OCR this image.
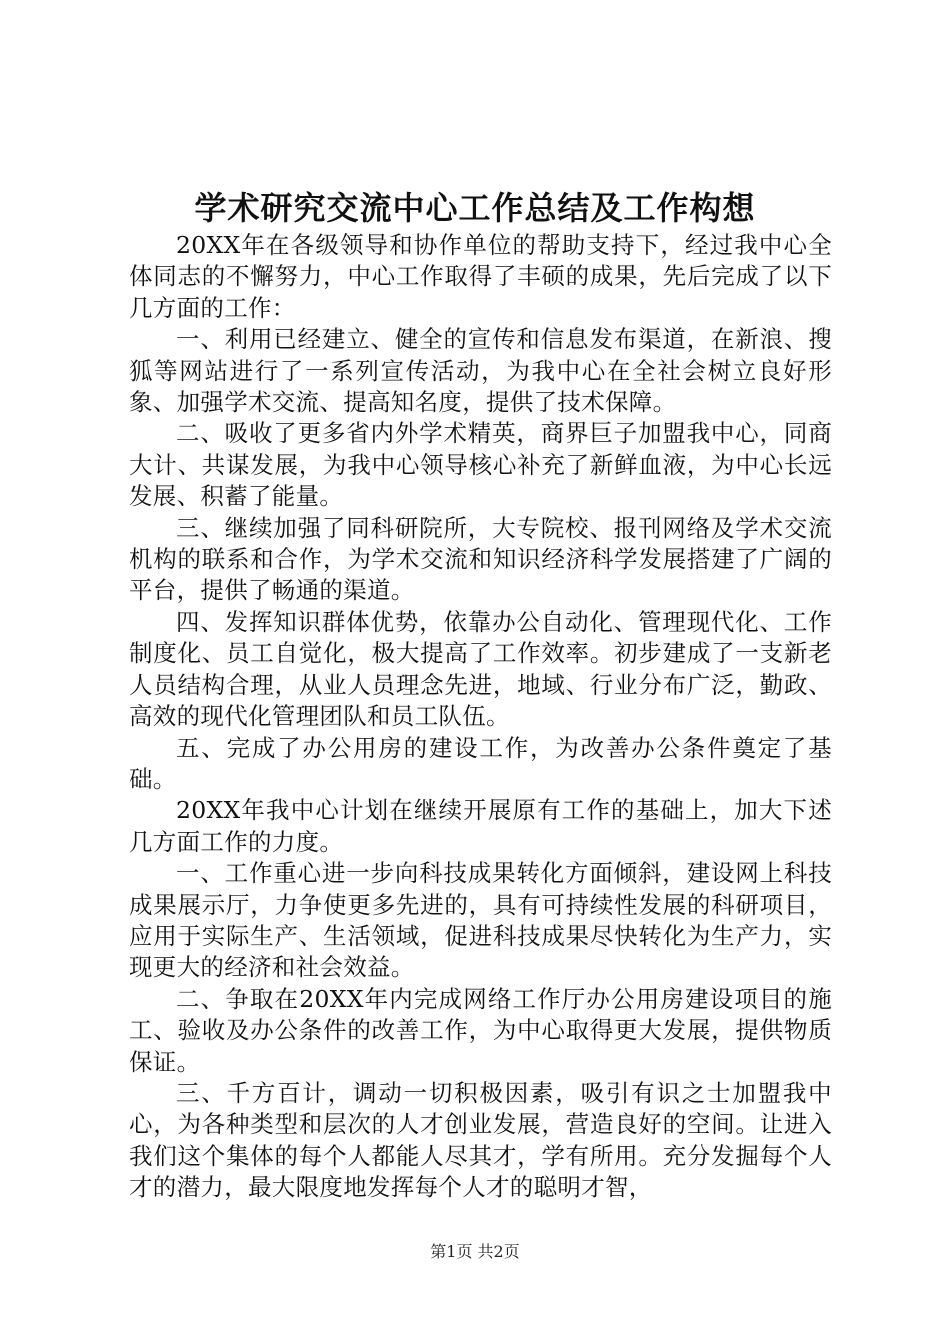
学术研究交流中心工作总结及工作构想

20XX年在各级领导和协作单位的帮助支持下，经过我中心全体同志的不懈努力，中心工作取得了丰硕的成果，先后完成了以下几方面的工作：

一、利用已经建立、健全的宣传和信息发布渠道，在新浪、搜狐等网站进行了一系列宣传活动，为我中心在全社会树立良好形象、加强学术交流、提高知名度，提供了技术保障。

二、吸收了更多省内外学术精英，商界巨子加盟我中心，同商大计、共谋发展，为我中心领导核心补充了新鲜血液，为中心长远发展、积蓄了能量。

三、继续加强了同科研院所，大专院校、报刊网络及学术交流机构的联系和合作，为学术交流和知识经济科学发展搭建了广阔的平台，提供了畅通的渠道。

四、发挥知识群体优势，依靠办公自动化、管理现代化、工作制度化、员工自觉化，极大提高了工作效率。初步建成了一支新老人员结构合理，从业人员理念先进，地域、行业分布广泛，勤政、高效的现代化管理团队和员工队伍。

五、完成了办公用房的建设工作，为改善办公条件奠定了基础。

20XX年我中心计划在继续开展原有工作的基础上，加大下述几方面工作的力度。

一、工作重心进一步向科技成果转化方面倾斜，建设网上科技成果展示厅，力争使更多先进的，具有可持续性发展的科研项目，应用于实际生产、生活领域，促进科技成果尽快转化为生产力，实现更大的经济和社会效益。

二、争取在20XX年内完成网络工作厅办公用房建设项目的施工、验收及办公条件的改善工作，为中心取得更大发展，提供物质保证。

三、千方百计，调动一切积极因素，吸引有识之士加盟我中心，为各种类型和层次的人才创业发展，营造良好的空间。让进入我们这个集体的每个人都能人尽其才，学有所用。充分发掘每个人才的潜力，最大限度地发挥每个人才的聪明才智，

第1页 共2页
